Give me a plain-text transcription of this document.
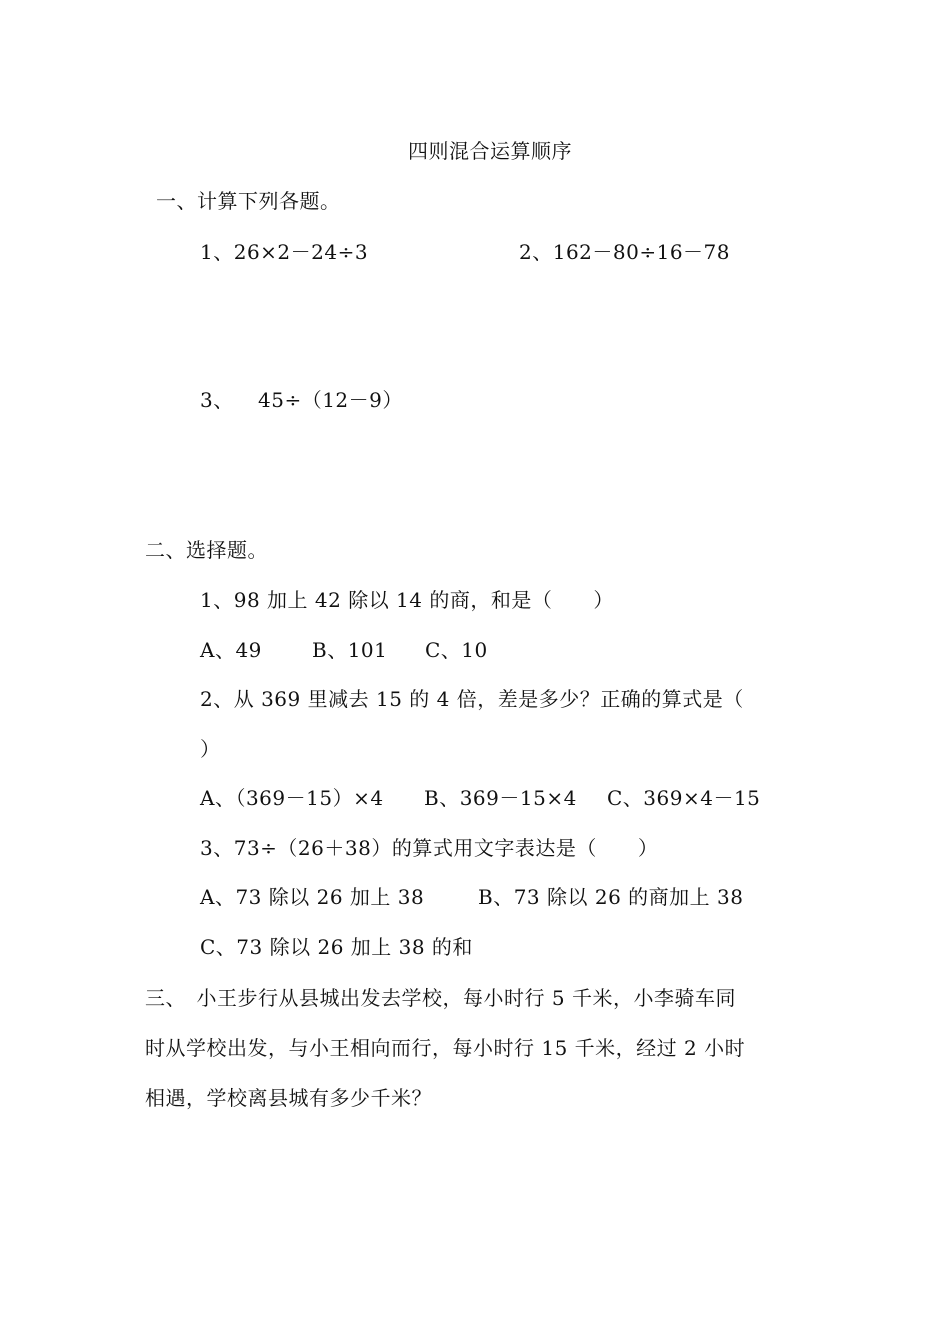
四则混合运算顺序
一、计算下列各题。
1、26×2－24÷3	2、162－80÷16－78
3、 45÷（12－9）
二、选择题。
1、98 加上 42 除以 14 的商，和是（　　）
A、49	B、101 C、10
2、从 369 里减去 15 的 4 倍，差是多少？正确的算式是（
）
A、（369－15）×4 B、369－15×4 C、369×4－15
3、73÷（26＋38）的算式用文字表达是（　　）
A、73 除以 26 加上 38	B、73 除以 26 的商加上 38
C、73 除以 26 加上 38 的和
三、　小王步行从县城出发去学校，每小时行 5 千米，小李骑车同
时从学校出发，与小王相向而行，每小时行 15 千米，经过 2 小时
相遇，学校离县城有多少千米？
